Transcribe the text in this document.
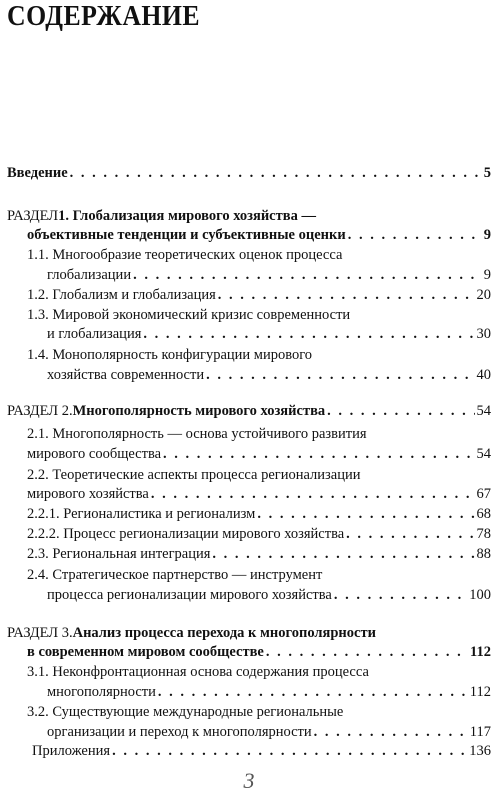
СОДЕРЖАНИЕ
Введение . . .	5
РАЗДЕЛ 1. Глобализация мирового хозяйства —
объективные тенденции и субъективные оценки . . .	9
1.1. Многообразие теоретических оценок процесса
глобализации . . .	9
1.2. Глобализм и глобализация . . .	20
1.3. Мировой экономический кризис современности
и глобализация . . .	30
1.4. Монополярность конфигурации мирового
хозяйства современности . . .	40
РАЗДЕЛ 2. Многополярность мирового хозяйства . . .	54
2.1. Многополярность — основа устойчивого развития
мирового сообщества . . .	54
2.2. Теоретические аспекты процесса регионализации
мирового хозяйства . . .	67
2.2.1. Регионалистика и регионализм . . .	68
2.2.2. Процесс регионализации мирового хозяйства . . .	78
2.3. Региональная интеграция . . .	88
2.4. Стратегическое партнерство — инструмент
процесса регионализации мирового хозяйства . . .	100
РАЗДЕЛ 3. Анализ процесса перехода к многополярности
в современном мировом сообществе . . .	112
3.1. Неконфронтационная основа содержания процесса
многополярности . . .	112
3.2. Существующие международные региональные
организации и переход к многополярности . . .	117
Приложения . . .	136
3
